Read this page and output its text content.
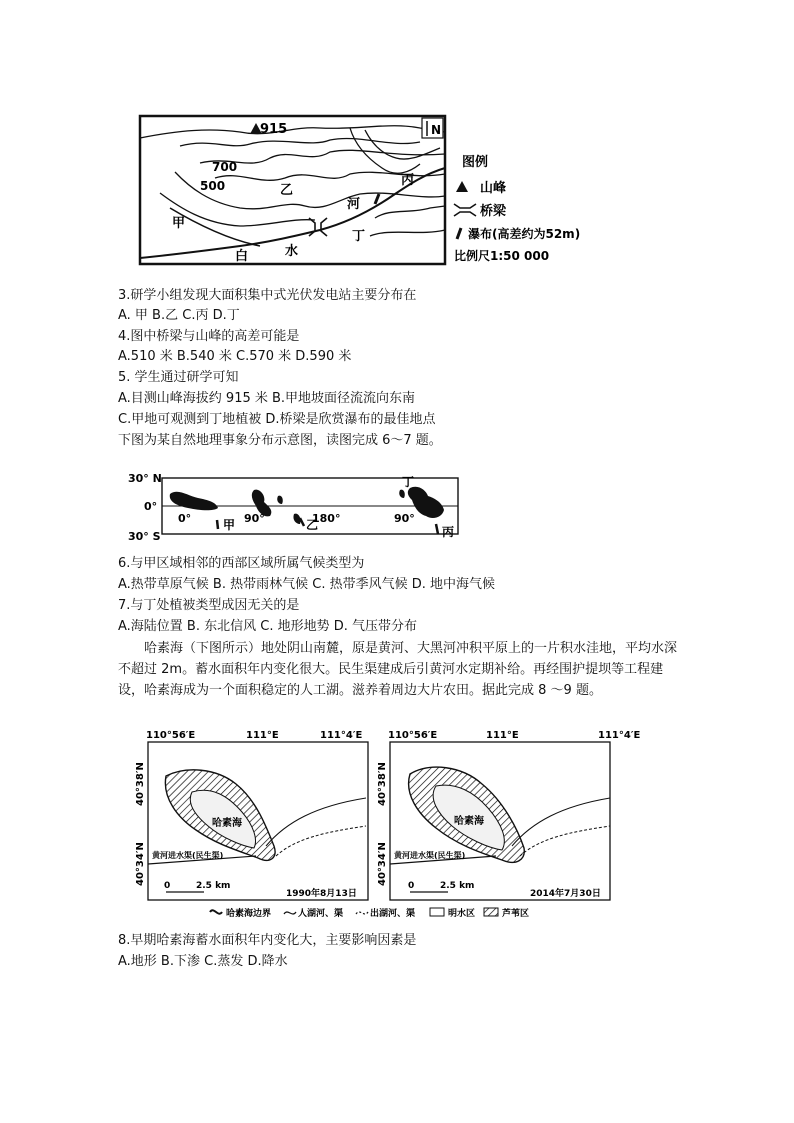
915	N
700
500
甲
乙
丙
丁
河
白	水
图例
山峰
桥梁
瀑布(高差约为52m)
比例尺1:50 000
3.研学小组发现大面积集中式光伏发电站主要分布在
A. 甲 B.乙 C.丙 D.丁
4.图中桥梁与山峰的高差可能是
A.510 米 B.540 米 C.570 米 D.590 米
5. 学生通过研学可知
A.目测山峰海拔约 915 米 B.甲地坡面径流流向东南
C.甲地可观测到丁地植被 D.桥梁是欣赏瀑布的最佳地点
下图为某自然地理事象分布示意图，读图完成 6～7 题。
30° N
0°
30° S
0°	90°	180°	90°
甲	乙	丙
丁
6.与甲区域相邻的西部区域所属气候类型为
A.热带草原气候 B. 热带雨林气候 C. 热带季风气候 D. 地中海气候
7.与丁处植被类型成因无关的是
A.海陆位置 B. 东北信风 C. 地形地势 D. 气压带分布
哈素海（下图所示）地处阴山南麓，原是黄河、大黑河冲积平原上的一片积水洼地，平均水深不超过 2m。蓄水面积年内变化很大。民生渠建成后引黄河水定期补给。再经围护提坝等工程建设，哈素海成为一个面积稳定的人工湖。滋养着周边大片农田。据此完成 8 ～9 题。
110°56′E	111°E	111°4′E	110°56′E	111°E	111°4′E
40°38′N
40°34′N
哈素海
黄河进水渠(民生渠)
0	2.5 km
1990年8月13日
40°38′N
40°34′N
哈素海
黄河进水渠(民生渠)
0	2.5 km
2014年7月30日
哈素海边界	人湖河、渠	出湖河、渠	明水区	芦苇区
8.早期哈素海蓄水面积年内变化大，主要影响因素是
A.地形 B.下渗 C.蒸发 D.降水
